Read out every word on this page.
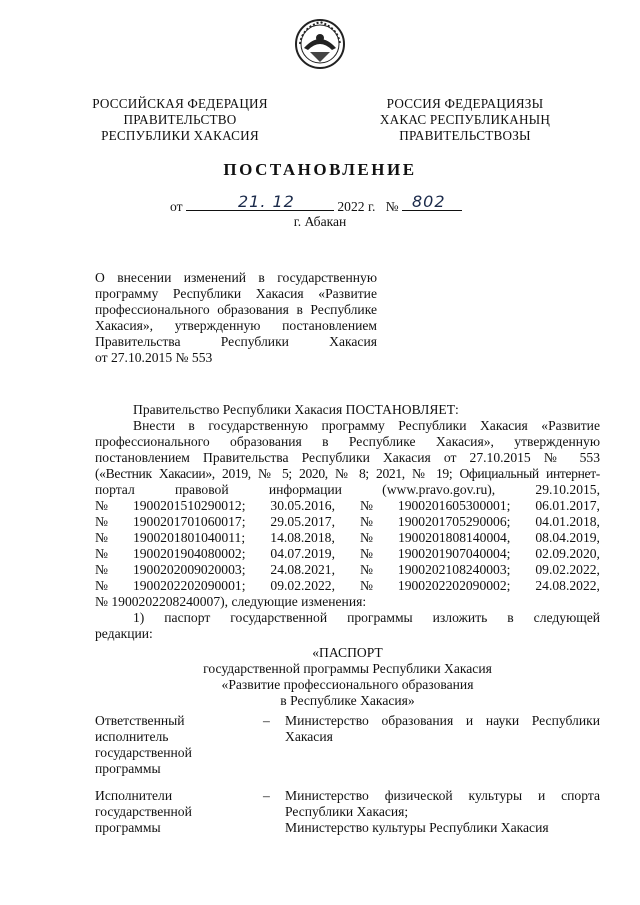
РОССИЙСКАЯ ФЕДЕРАЦИЯ
ПРАВИТЕЛЬСТВО
РЕСПУБЛИКИ ХАКАСИЯ
РОССИЯ ФЕДЕРАЦИЯЗЫ
ХАКАС РЕСПУБЛИКАНЫҢ
ПРАВИТЕЛЬСТВОЗЫ
ПОСТАНОВЛЕНИЕ
от	21. 12	2022 г. № 802
г. Абакан
О внесении изменений в государственную
программу Республики Хакасия «Развитие
профессионального образования в Республике
Хакасия», утвержденную постановлением
Правительства Республики Хакасия
от 27.10.2015 № 553
Правительство Республики Хакасия ПОСТАНОВЛЯЕТ:
Внести в государственную программу Республики Хакасия «Развитие
профессионального образования в Республике Хакасия», утвержденную
постановлением Правительства Республики Хакасия от 27.10.2015 № 553
(«Вестник Хакасии», 2019, № 5; 2020, № 8; 2021, № 19; Официальный интернет-
портал правовой информации (www.pravo.gov.ru), 29.10.2015,
№ 1900201510290012; 30.05.2016, № 1900201605300001; 06.01.2017,
№ 1900201701060017; 29.05.2017, № 1900201705290006; 04.01.2018,
№ 1900201801040011; 14.08.2018, № 1900201808140004, 08.04.2019,
№ 1900201904080002; 04.07.2019, № 1900201907040004; 02.09.2020,
№ 1900202009020003; 24.08.2021, № 1900202108240003; 09.02.2022,
№ 1900202202090001; 09.02.2022, № 1900202202090002; 24.08.2022,
№ 1900202208240007), следующие изменения:
1) паспорт государственной программы изложить в следующей
редакции:
«ПАСПОРТ
государственной программы Республики Хакасия
«Развитие профессионального образования
в Республике Хакасия»
Ответственный
исполнитель
государственной
программы
–	Министерство образования и науки Республики
Хакасия
Исполнители
государственной
программы
–	Министерство физической культуры и спорта
Республики Хакасия;
Министерство культуры Республики Хакасия
